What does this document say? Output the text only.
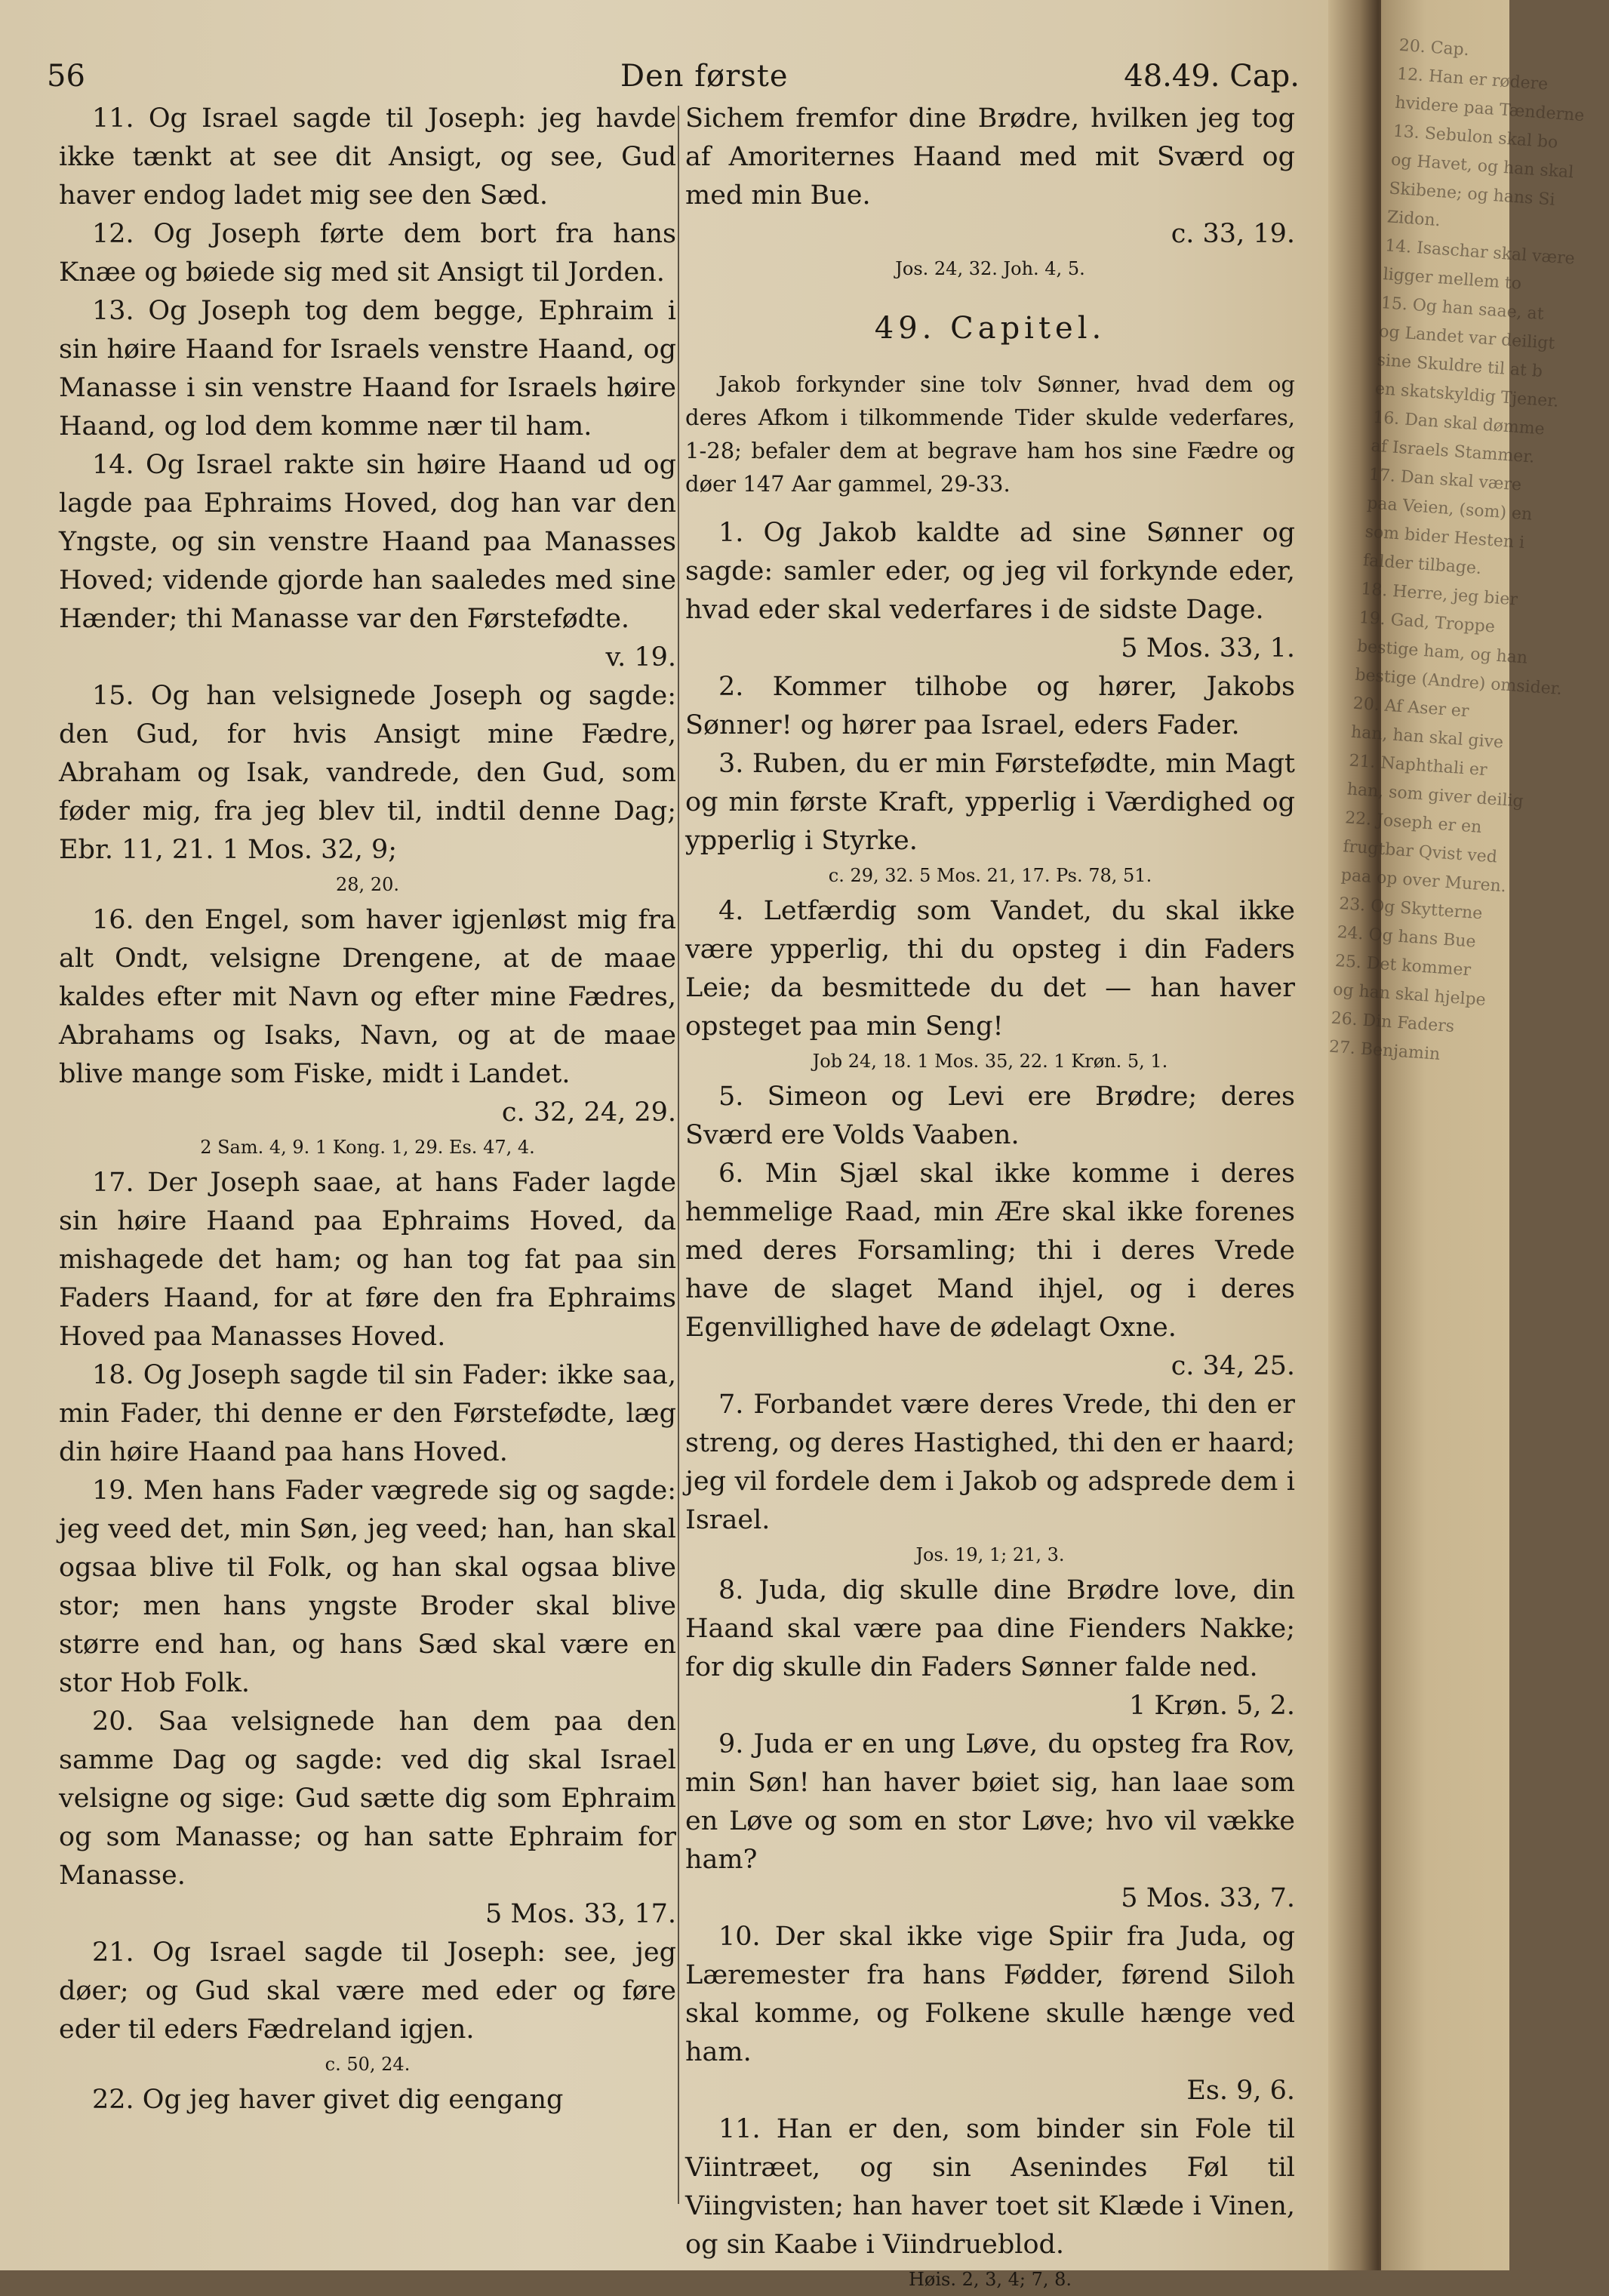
56	Den første	48.49. Cap.

11. Og Israel sagde til Joseph: jeg havde ikke tænkt at see dit Ansigt, og see, Gud haver endog ladet mig see den Sæd.

12. Og Joseph førte dem bort fra hans Knæe og bøiede sig med sit Ansigt til Jorden.

13. Og Joseph tog dem begge, Ephraim i sin høire Haand for Israels venstre Haand, og Manasse i sin venstre Haand for Israels høire Haand, og lod dem komme nær til ham.

14. Og Israel rakte sin høire Haand ud og lagde paa Ephraims Hoved, dog han var den Yngste, og sin venstre Haand paa Manasses Hoved; vidende gjorde han saaledes med sine Hænder; thi Manasse var den Førstefødte.

v. 19.

15. Og han velsignede Joseph og sagde: den Gud, for hvis Ansigt mine Fædre, Abraham og Isak, vandrede, den Gud, som føder mig, fra jeg blev til, indtil denne Dag; Ebr. 11, 21. 1 Mos. 32, 9;

28, 20.

16. den Engel, som haver igjenløst mig fra alt Ondt, velsigne Drengene, at de maae kaldes efter mit Navn og efter mine Fædres, Abrahams og Isaks, Navn, og at de maae blive mange som Fiske, midt i Landet.

c. 32, 24, 29.
2 Sam. 4, 9. 1 Kong. 1, 29. Es. 47, 4.

17. Der Joseph saae, at hans Fader lagde sin høire Haand paa Ephraims Hoved, da mishagede det ham; og han tog fat paa sin Faders Haand, for at føre den fra Ephraims Hoved paa Manasses Hoved.

18. Og Joseph sagde til sin Fader: ikke saa, min Fader, thi denne er den Førstefødte, læg din høire Haand paa hans Hoved.

19. Men hans Fader vægrede sig og sagde: jeg veed det, min Søn, jeg veed; han, han skal ogsaa blive til Folk, og han skal ogsaa blive stor; men hans yngste Broder skal blive større end han, og hans Sæd skal være en stor Hob Folk.

20. Saa velsignede han dem paa den samme Dag og sagde: ved dig skal Israel velsigne og sige: Gud sætte dig som Ephraim og som Manasse; og han satte Ephraim for Manasse.

5 Mos. 33, 17.

21. Og Israel sagde til Joseph: see, jeg døer; og Gud skal være med eder og føre eder til eders Fædreland igjen.

c. 50, 24.

22. Og jeg haver givet dig eengang

Sichem fremfor dine Brødre, hvilken jeg tog af Amoriternes Haand med mit Sværd og med min Bue.

c. 33, 19.
Jos. 24, 32. Joh. 4, 5.
49. Capitel.

Jakob forkynder sine tolv Sønner, hvad dem og deres Afkom i tilkommende Tider skulde vederfares, 1-28; befaler dem at begrave ham hos sine Fædre og døer 147 Aar gammel, 29-33.

1. Og Jakob kaldte ad sine Sønner og sagde: samler eder, og jeg vil forkynde eder, hvad eder skal vederfares i de sidste Dage.

5 Mos. 33, 1.

2. Kommer tilhobe og hører, Jakobs Sønner! og hører paa Israel, eders Fader.

3. Ruben, du er min Førstefødte, min Magt og min første Kraft, ypperlig i Værdighed og ypperlig i Styrke.

c. 29, 32. 5 Mos. 21, 17. Ps. 78, 51.

4. Letfærdig som Vandet, du skal ikke være ypperlig, thi du opsteg i din Faders Leie; da besmittede du det — han haver opsteget paa min Seng!

Job 24, 18. 1 Mos. 35, 22. 1 Krøn. 5, 1.

5. Simeon og Levi ere Brødre; deres Sværd ere Volds Vaaben.

6. Min Sjæl skal ikke komme i deres hemmelige Raad, min Ære skal ikke forenes med deres Forsamling; thi i deres Vrede have de slaget Mand ihjel, og i deres Egenvillighed have de ødelagt Oxne.

c. 34, 25.

7. Forbandet være deres Vrede, thi den er streng, og deres Hastighed, thi den er haard; jeg vil fordele dem i Jakob og adsprede dem i Israel.

Jos. 19, 1; 21, 3.

8. Juda, dig skulle dine Brødre love, din Haand skal være paa dine Fienders Nakke; for dig skulle din Faders Sønner falde ned.

1 Krøn. 5, 2.

9. Juda er en ung Løve, du opsteg fra Rov, min Søn! han haver bøiet sig, han laae som en Løve og som en stor Løve; hvo vil vække ham?

5 Mos. 33, 7.

10. Der skal ikke vige Spiir fra Juda, og Læremester fra hans Fødder, førend Siloh skal komme, og Folkene skulle hænge ved ham.

Es. 9, 6.

11. Han er den, som binder sin Fole til Viintræet, og sin Asenindes Føl til Viingvisten; han haver toet sit Klæde i Vinen, og sin Kaabe i Viindrueblod.

Høis. 2, 3, 4; 7, 8.
20. Cap.
12. Han er rødere
hvidere paa Tænderne
13. Sebulon skal bo
og Havet, og han skal
Skibene; og hans Si
Zidon.
14. Isaschar skal være
ligger mellem to
15. Og han saae, at
og Landet var deiligt
sine Skuldre til at b
en skatskyldig Tjener.
16. Dan skal dømme
af Israels Stammer.
17. Dan skal være
paa Veien, (som) en
som bider Hesten i
falder tilbage.
18. Herre, jeg bier
19. Gad, Troppe
bestige ham, og han
bestige (Andre) omsider.
20. Af Aser er
han, han skal give
21. Naphthali er
han, som giver deilig
22. Joseph er en
frugtbar Qvist ved
paa op over Muren.
23. Og Skytterne
24. Og hans Bue
25. Det kommer
og han skal hjelpe
26. Din Faders
27. Benjamin
